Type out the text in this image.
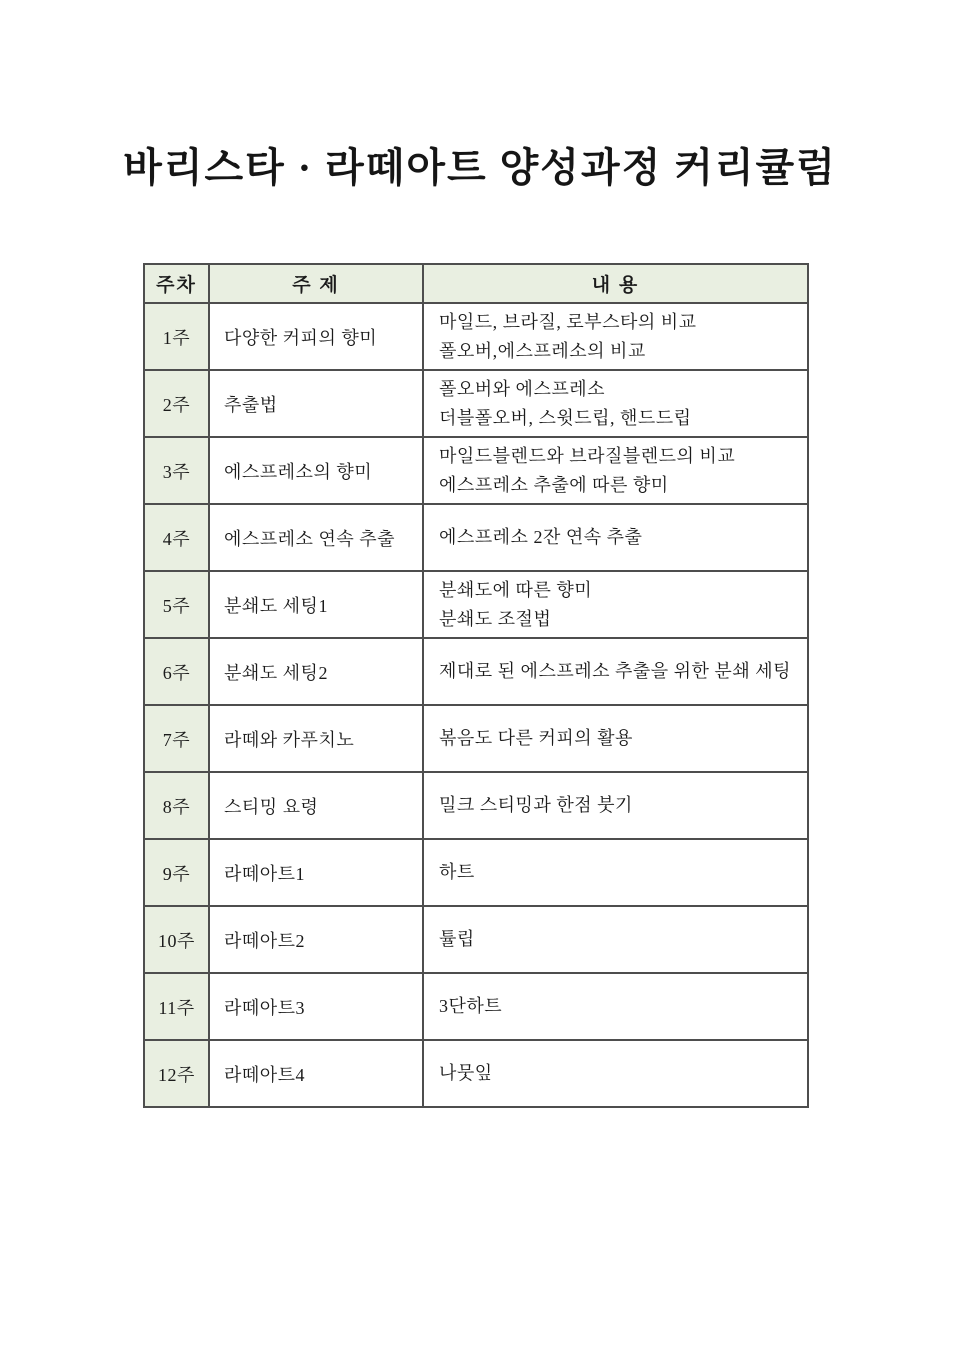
바리스타 · 라떼아트 양성과정 커리큘럼
주차	주 제	내 용
1주	다양한 커피의 향미	마일드, 브라질, 로부스타의 비교
폴오버,에스프레소의 비교

2주	추출법	폴오버와 에스프레소
더블폴오버, 스윗드립, 핸드드립

3주	에스프레소의 향미	마일드블렌드와 브라질블렌드의 비교
에스프레소 추출에 따른 향미

4주	에스프레소 연속 추출	에스프레소 2잔 연속 추출

5주	분쇄도 세팅1	분쇄도에 따른 향미
분쇄도 조절법

6주	분쇄도 세팅2	제대로 된 에스프레소 추출을 위한 분쇄 세팅

7주	라떼와 카푸치노	볶음도 다른 커피의 활용

8주	스티밍 요령	밀크 스티밍과 한점 붓기

9주	라떼아트1	하트

10주	라떼아트2	튤립

11주	라떼아트3	3단하트

12주	라떼아트4	나뭇잎
